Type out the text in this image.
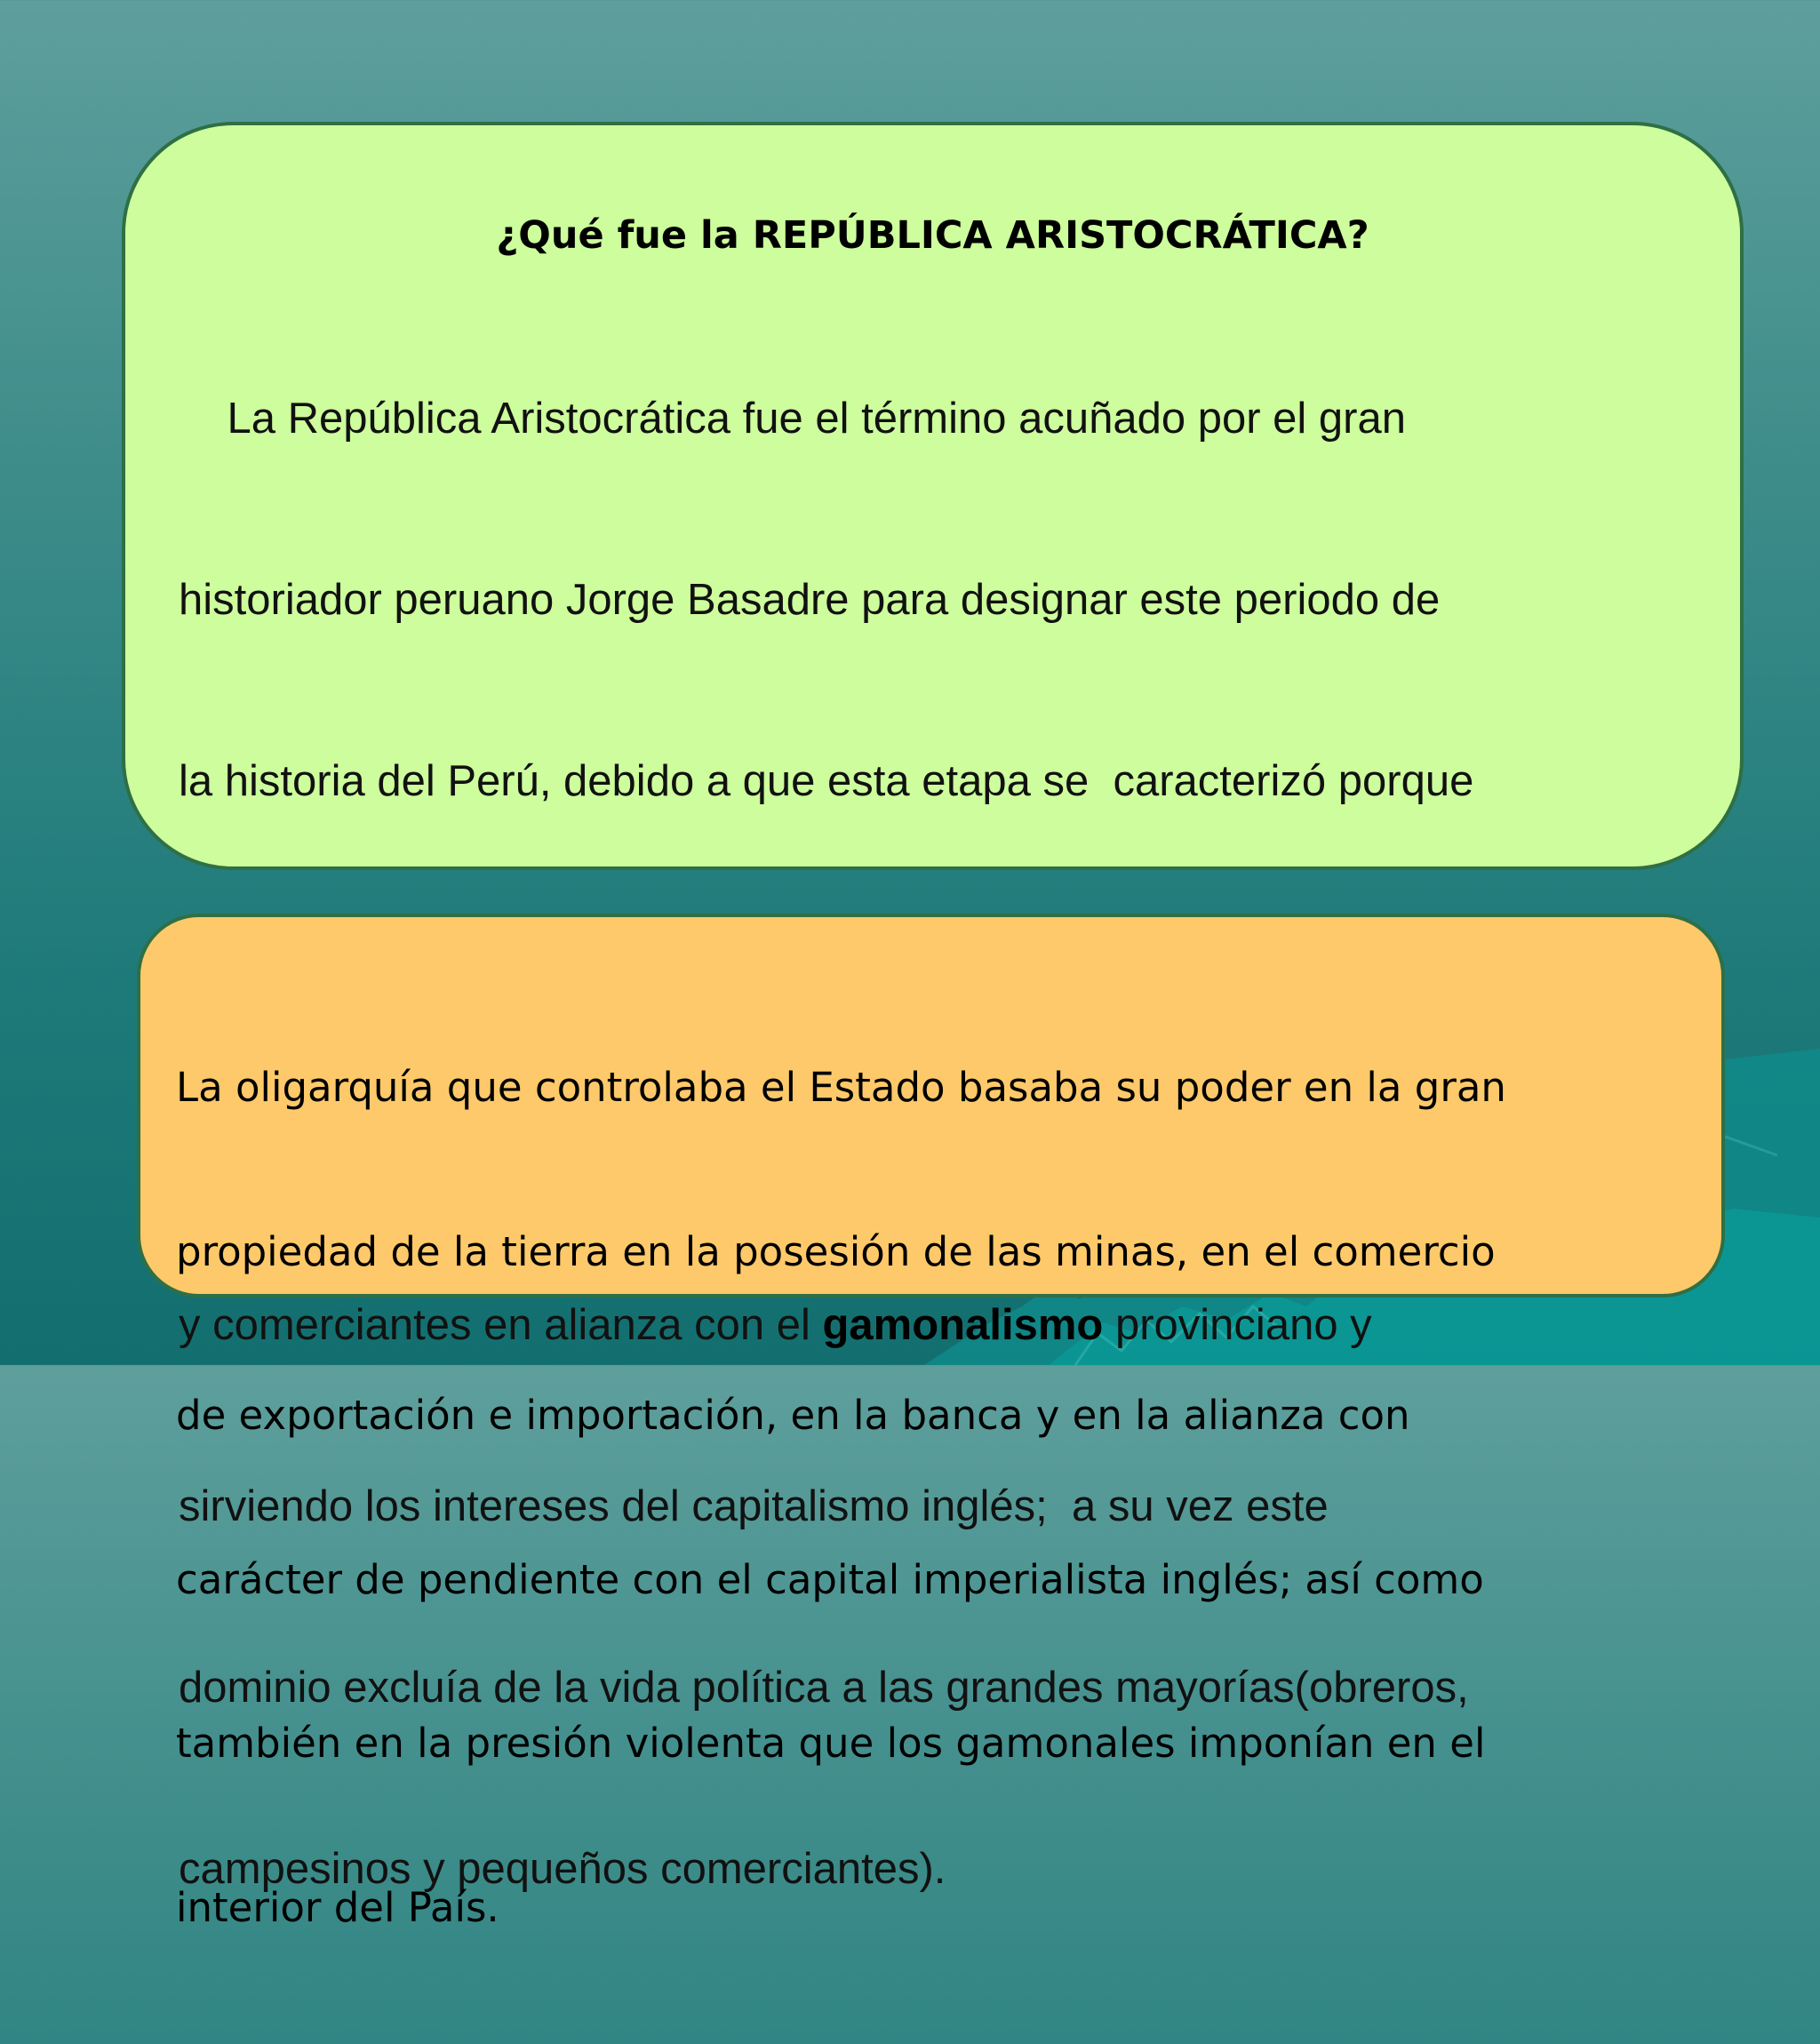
¿Qué fue la REPÚBLICA ARISTOCRÁTICA?

La República Aristocrática fue el término acuñado por el gran

historiador peruano Jorge Basadre para designar este periodo de

la historia del Perú, debido a que esta etapa se  caracterizó porque

y comerciantes en alianza con el gamonalismo provinciano y

sirviendo los intereses del capitalismo inglés;  a su vez este

dominio excluía de la vida política a las grandes mayorías(obreros,

campesinos y pequeños comerciantes).

La oligarquía que controlaba el Estado basaba su poder en la gran

propiedad de la tierra en la posesión de las minas, en el comercio

de exportación e importación, en la banca y en la alianza con

carácter de pendiente con el capital imperialista inglés; así como

también en la presión violenta que los gamonales imponían en el

interior del País.
